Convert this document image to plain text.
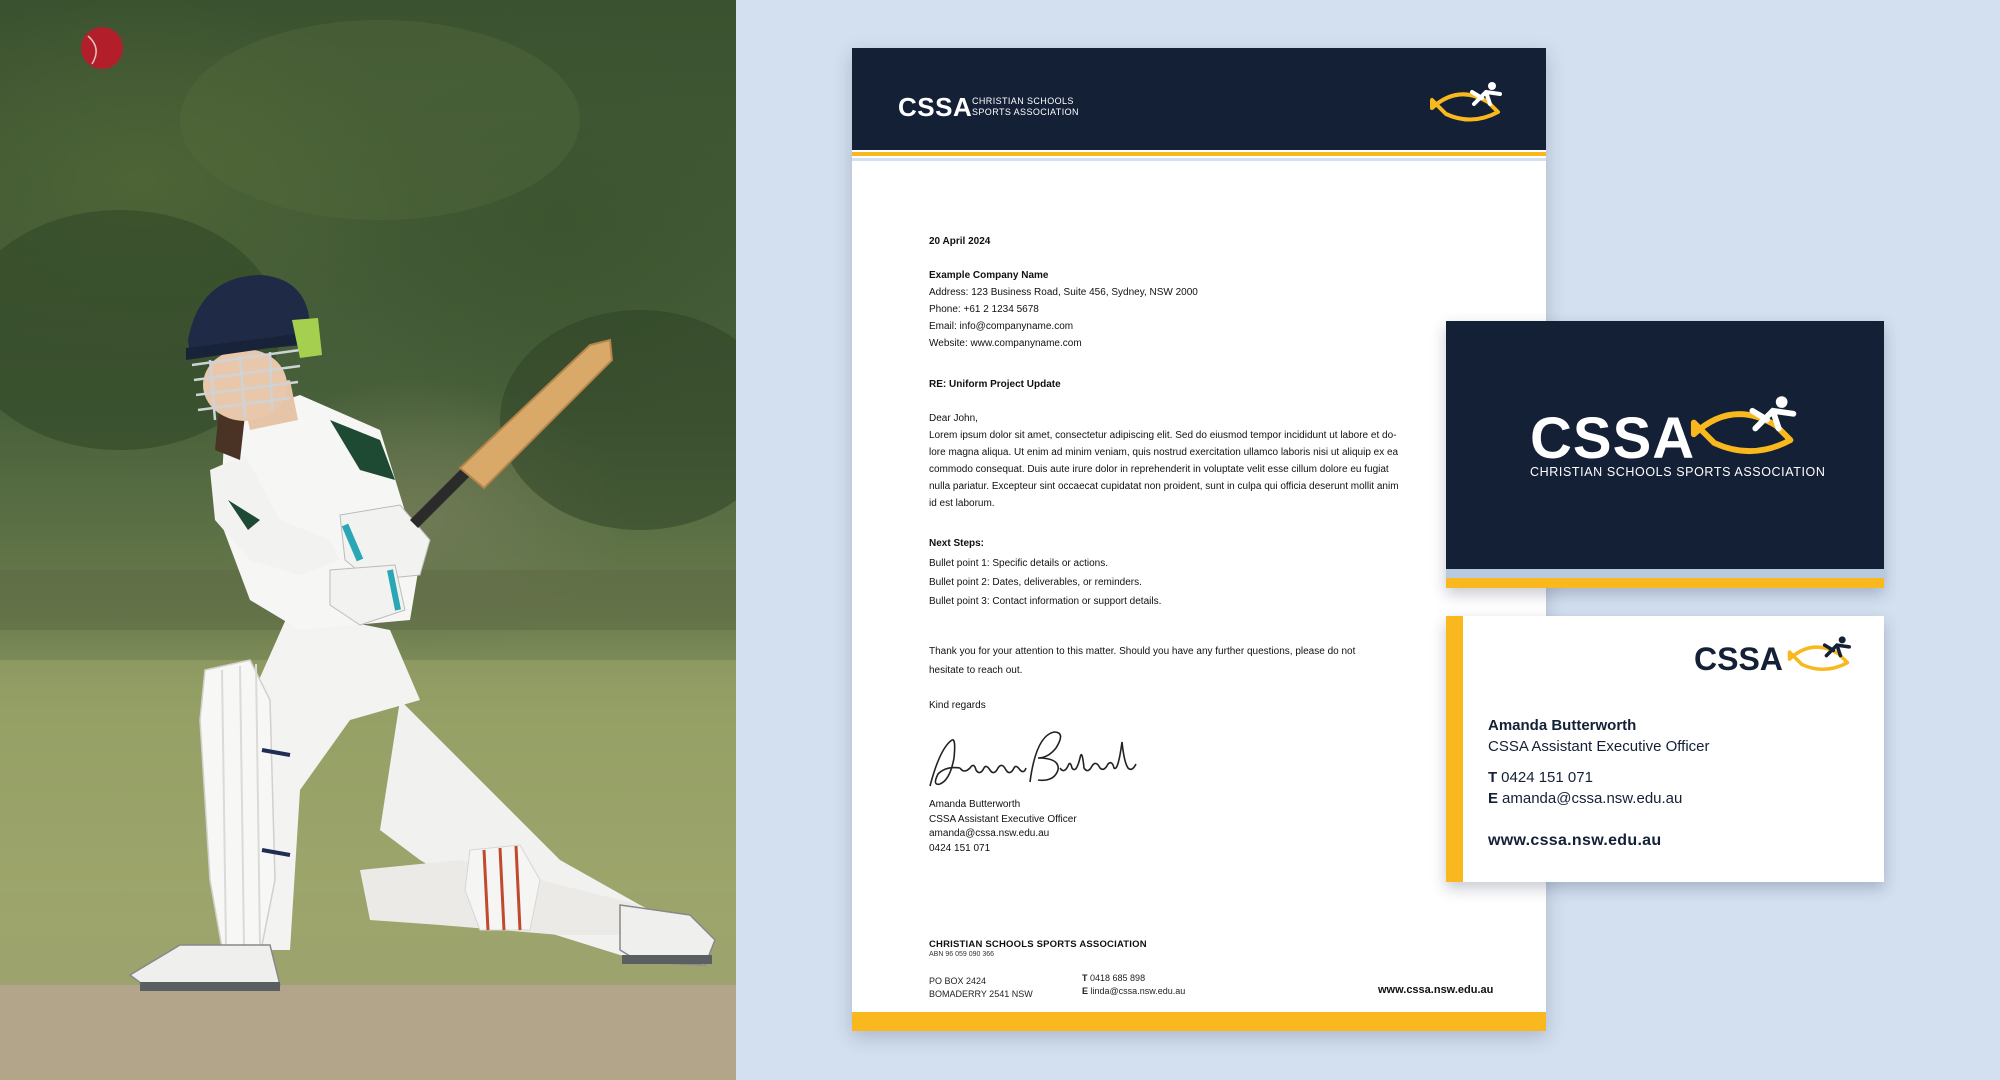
CSSA CHRISTIAN SCHOOLS
SPORTS ASSOCIATION
20 April 2024
Example Company Name
Address: 123 Business Road, Suite 456, Sydney, NSW 2000
Phone: +61 2 1234 5678
Email: info@companyname.com
Website: www.companyname.com
RE: Uniform Project Update
Dear John,
Lorem ipsum dolor sit amet, consectetur adipiscing elit. Sed do eiusmod tempor incididunt ut labore et do-
lore magna aliqua. Ut enim ad minim veniam, quis nostrud exercitation ullamco laboris nisi ut aliquip ex ea
commodo consequat. Duis aute irure dolor in reprehenderit in voluptate velit esse cillum dolore eu fugiat
nulla pariatur. Excepteur sint occaecat cupidatat non proident, sunt in culpa qui officia deserunt mollit anim
id est laborum.
Next Steps:
Bullet point 1: Specific details or actions.
Bullet point 2: Dates, deliverables, or reminders.
Bullet point 3: Contact information or support details.
Thank you for your attention to this matter. Should you have any further questions, please do not
hesitate to reach out.
Kind regards
Amanda Butterworth
CSSA Assistant Executive Officer
amanda@cssa.nsw.edu.au
0424 151 071
CHRISTIAN SCHOOLS SPORTS ASSOCIATION
ABN 96 059 090 366
PO BOX 2424
BOMADERRY 2541 NSW
T 0418 685 898
E linda@cssa.nsw.edu.au	www.cssa.nsw.edu.au
CSSA
CHRISTIAN SCHOOLS SPORTS ASSOCIATION
CSSA
Amanda Butterworth
CSSA Assistant Executive Officer
T 0424 151 071
E amanda@cssa.nsw.edu.au
www.cssa.nsw.edu.au
